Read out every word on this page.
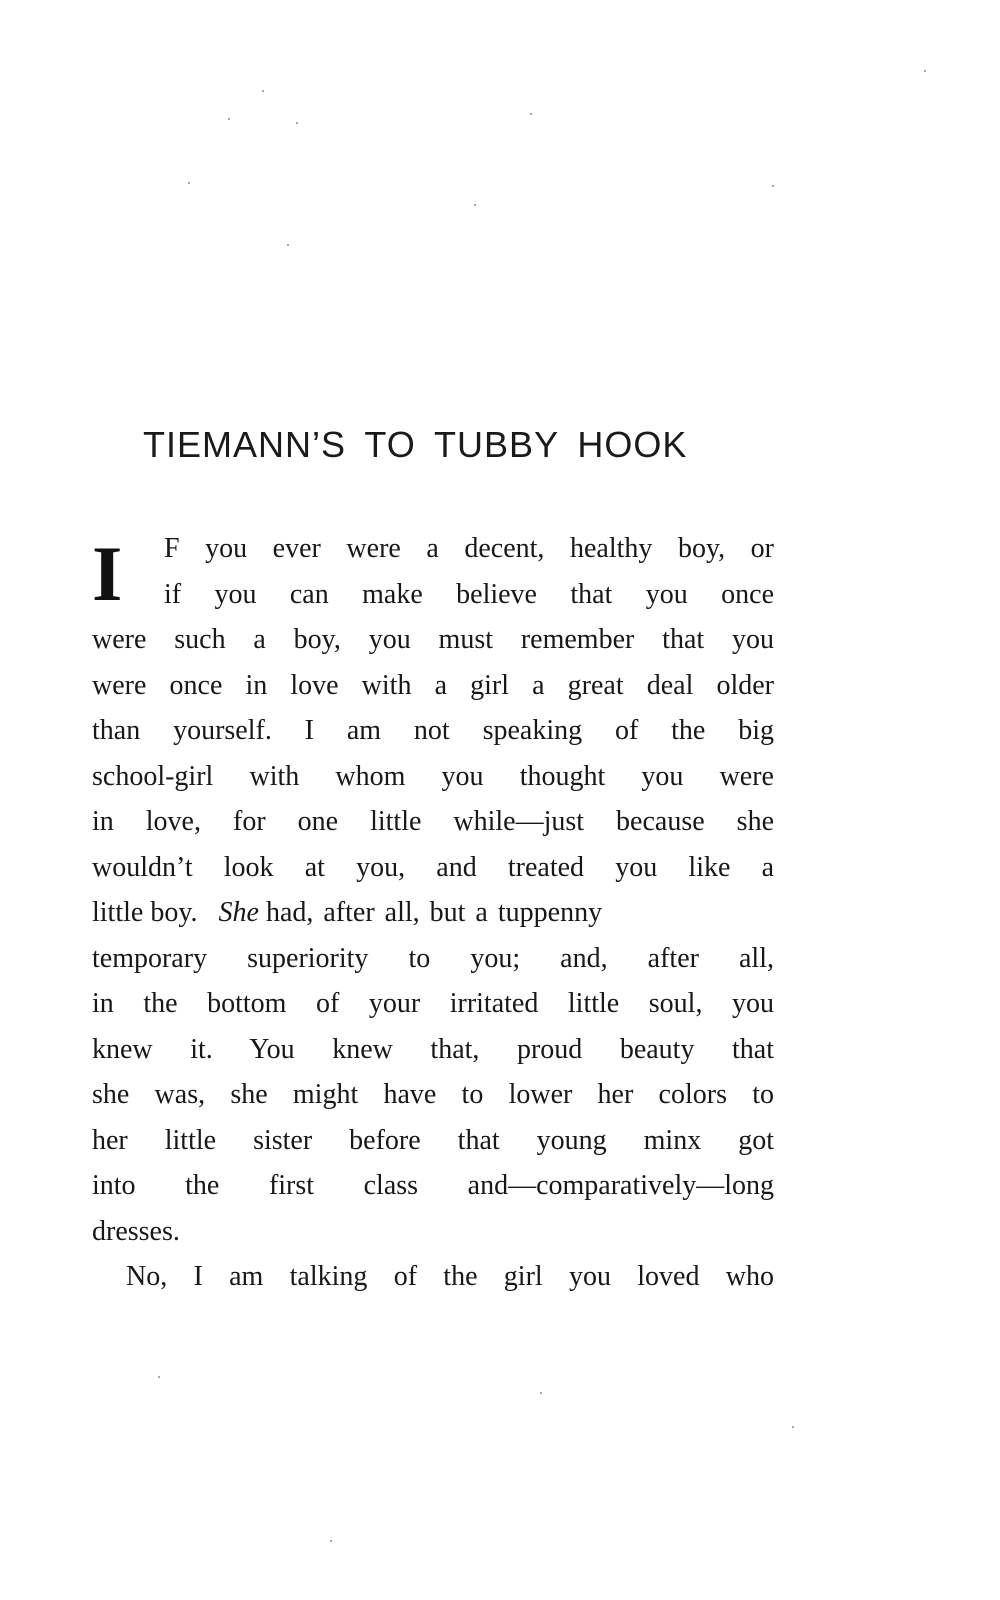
TIEMANN’S TO TUBBY HOOK
I	F you ever were a decent, healthy boy, or
if you can make believe that you once
were such a boy, you must remember that you
were once in love with a girl a great deal older
than yourself. I am not speaking of the big
school-girl with whom you thought you were
in love, for one little while—just because she
wouldn’t look at you, and treated you like a
little boy. She had, after all, but a tuppenny
temporary superiority to you; and, after all,
in the bottom of your irritated little soul, you
knew it. You knew that, proud beauty that
she was, she might have to lower her colors to
her little sister before that young minx got
into the first class and—comparatively—long
dresses.
No, I am talking of the girl you loved who
